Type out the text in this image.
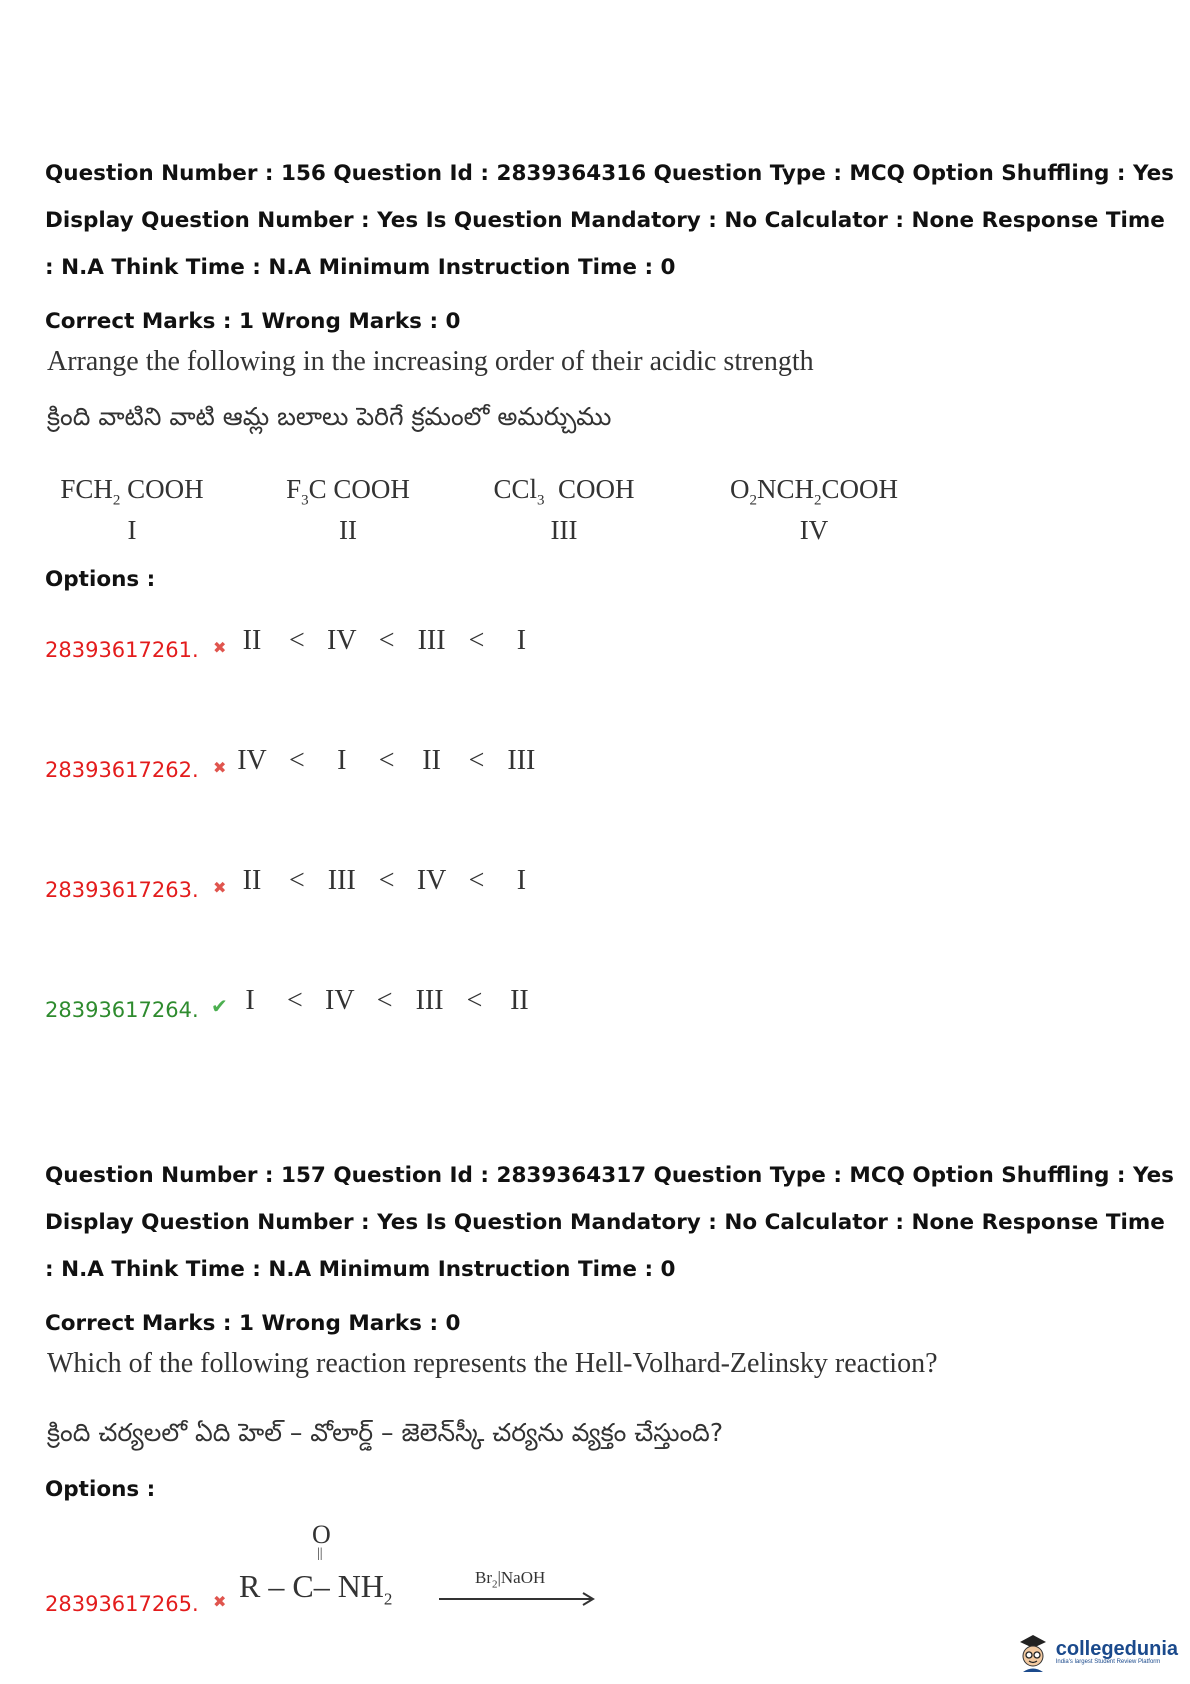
Question Number : 156 Question Id : 2839364316 Question Type : MCQ Option Shuffling : Yes
Display Question Number : Yes Is Question Mandatory : No Calculator : None Response Time
: N.A Think Time : N.A Minimum Instruction Time : 0
Correct Marks : 1 Wrong Marks : 0
Arrange the following in the increasing order of their acidic strength
క్రింది వాటిని వాటి ఆమ్ల బలాలు పెరిగే క్రమంలో అమర్చుము
$FCH_2$ COOH
I
$F_3C$ COOH
II
CCl$_3$  COOH
III
$O_2NCH_2COOH$
IV
Options :
28393617261. ✖ II < IV < III <	I
28393617262. ✖ IV <	I	< II < III
28393617263. ✖ II < III < IV <	I
28393617264. ✔ I	< IV < III < II
Question Number : 157 Question Id : 2839364317 Question Type : MCQ Option Shuffling : Yes
Display Question Number : Yes Is Question Mandatory : No Calculator : None Response Time
: N.A Think Time : N.A Minimum Instruction Time : 0
Correct Marks : 1 Wrong Marks : 0
Which of the following reaction represents the Hell-Volhard-Zelinsky reaction?
క్రింది చర్యలలో ఏది హెల్ – వోలార్డ్ – జెలెన్‌స్కీ చర్యను వ్యక్తం చేస్తుంది?
Options :
28393617265. ✖
O
||
R – C– $NH_2$
$Br_2|NaOH$
collegedunia
India's largest Student Review Platform
